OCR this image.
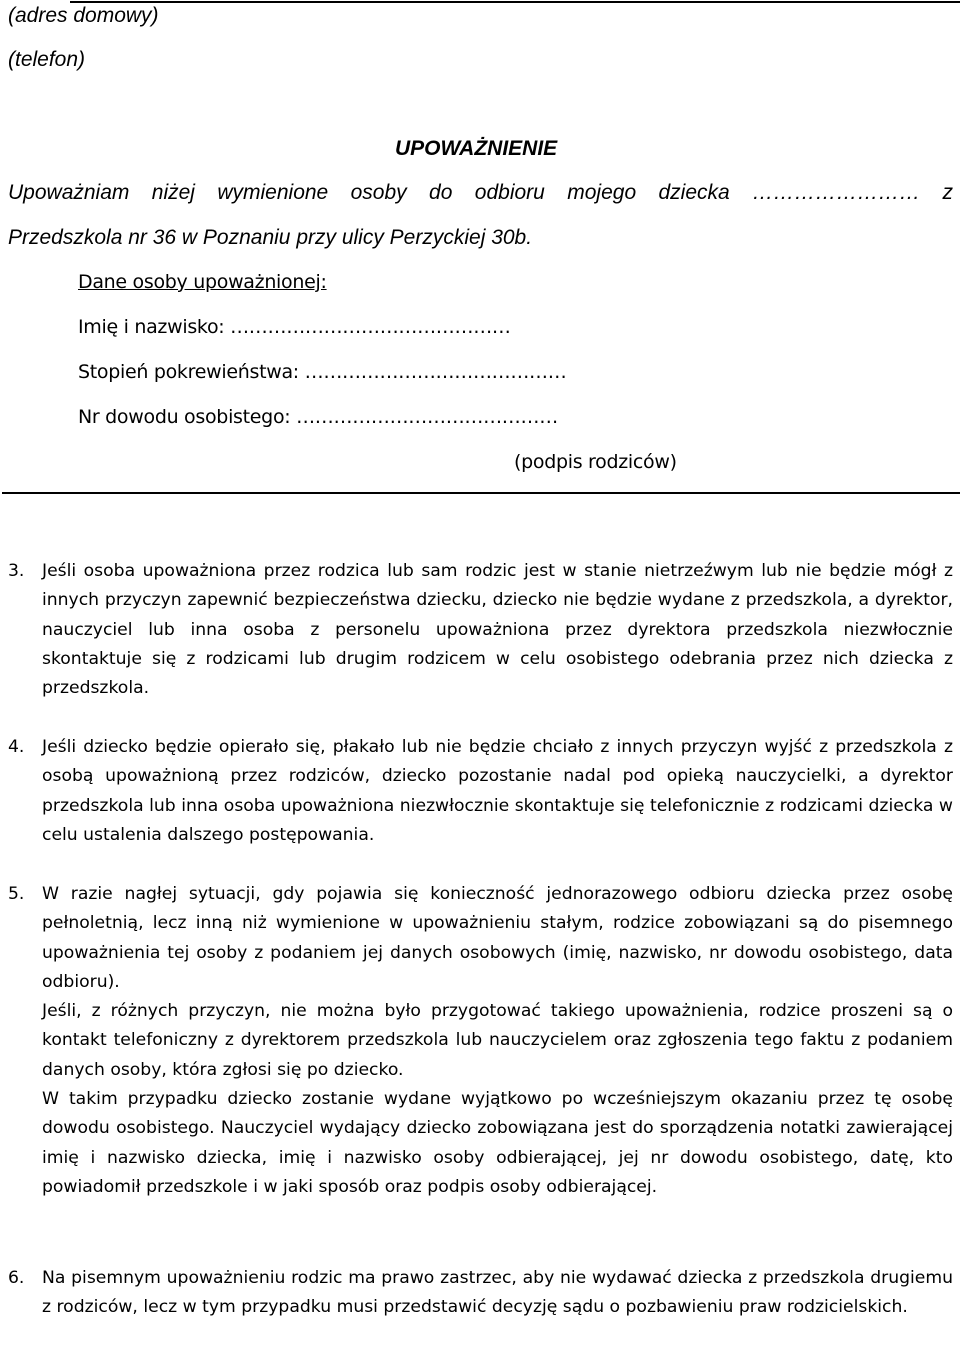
(adres domowy)
(telefon)
UPOWAŻNIENIE
Upoważniam niżej wymienione osoby do odbioru mojego dziecka …………………… z
Przedszkola nr 36 w Poznaniu przy ulicy Perzyckiej 30b.
Dane osoby upoważnionej:
Imię i nazwisko: ………………………………………
Stopień pokrewieństwa: ……………………………………
Nr dowodu osobistego: ……………………………………
(podpis rodziców)
3. Jeśli osoba upoważniona przez rodzica lub sam rodzic jest w stanie nietrzeźwym lub nie będzie mógł z innych przyczyn zapewnić bezpieczeństwa dziecku, dziecko nie będzie wydane z przedszkola, a dyrektor, nauczyciel lub inna osoba z personelu upoważniona przez dyrektora przedszkola niezwłocznie skontaktuje się z rodzicami lub drugim rodzicem w celu osobistego odebrania przez nich dziecka z przedszkola.

4. Jeśli dziecko będzie opierało się, płakało lub nie będzie chciało z innych przyczyn wyjść z przedszkola z osobą upoważnioną przez rodziców, dziecko pozostanie nadal pod opieką nauczycielki, a dyrektor przedszkola lub inna osoba upoważniona niezwłocznie skontaktuje się telefonicznie z rodzicami dziecka w celu ustalenia dalszego postępowania.

5. W razie nagłej sytuacji, gdy pojawia się konieczność jednorazowego odbioru dziecka przez osobę pełnoletnią, lecz inną niż wymienione w upoważnieniu stałym, rodzice zobowiązani są do pisemnego upoważnienia tej osoby z podaniem jej danych osobowych (imię, nazwisko, nr dowodu osobistego, data odbioru).

Jeśli, z różnych przyczyn, nie można było przygotować takiego upoważnienia, rodzice proszeni są o kontakt telefoniczny z dyrektorem przedszkola lub nauczycielem oraz zgłoszenia tego faktu z podaniem danych osoby, która zgłosi się po dziecko.

W takim przypadku dziecko zostanie wydane wyjątkowo po wcześniejszym okazaniu przez tę osobę dowodu osobistego. Nauczyciel wydający dziecko zobowiązana jest do sporządzenia notatki zawierającej imię i nazwisko dziecka, imię i nazwisko osoby odbierającej, jej nr dowodu osobistego, datę, kto powiadomił przedszkole i w jaki sposób oraz podpis osoby odbierającej.

6. Na pisemnym upoważnieniu rodzic ma prawo zastrzec, aby nie wydawać dziecka z przedszkola drugiemu z rodziców, lecz w tym przypadku musi przedstawić decyzję sądu o pozbawieniu praw rodzicielskich.
